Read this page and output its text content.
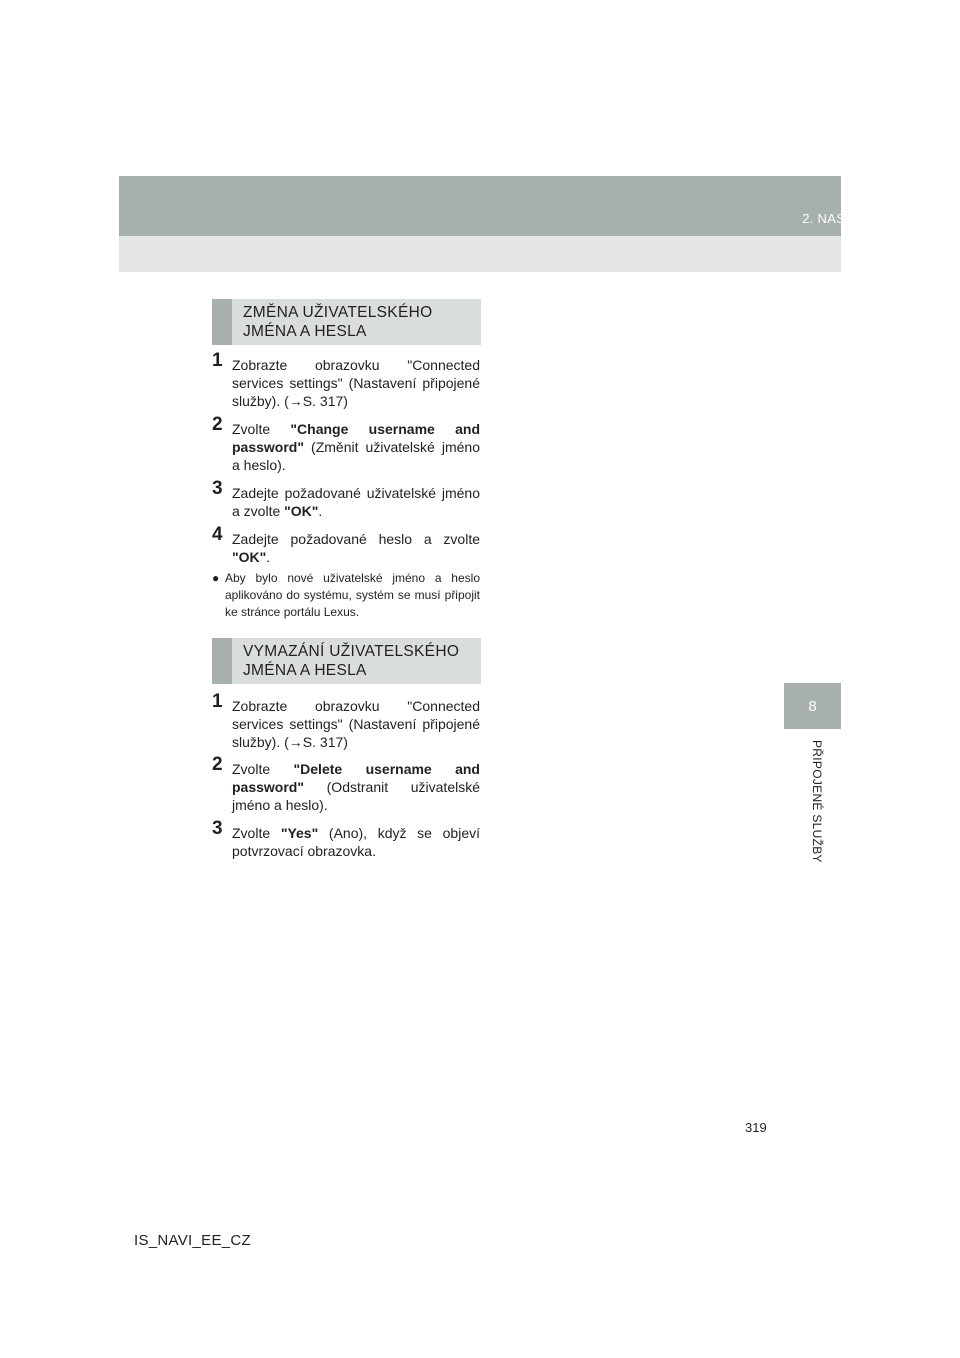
2. NASTAVENÍ
8
PŘIPOJENÉ SLUŽBY
ZMĚNA UŽIVATELSKÉHO JMÉNA A HESLA
1 Zobrazte obrazovku "Connected services settings" (Nastavení připojené služby). (→S. 317)
2 Zvolte "Change username and password" (Změnit uživatelské jméno a heslo).
3 Zadejte požadované uživatelské jméno a zvolte "OK".
4 Zadejte požadované heslo a zvolte "OK".
● Aby bylo nové uživatelské jméno a heslo aplikováno do systému, systém se musí připojit ke stránce portálu Lexus.
VYMAZÁNÍ UŽIVATELSKÉHO JMÉNA A HESLA
1 Zobrazte obrazovku "Connected services settings" (Nastavení připojené služby). (→S. 317)
2 Zvolte "Delete username and password" (Odstranit uživatelské jméno a heslo).
3 Zvolte "Yes" (Ano), když se objeví potvrzovací obrazovka.
319
IS_NAVI_EE_CZ
